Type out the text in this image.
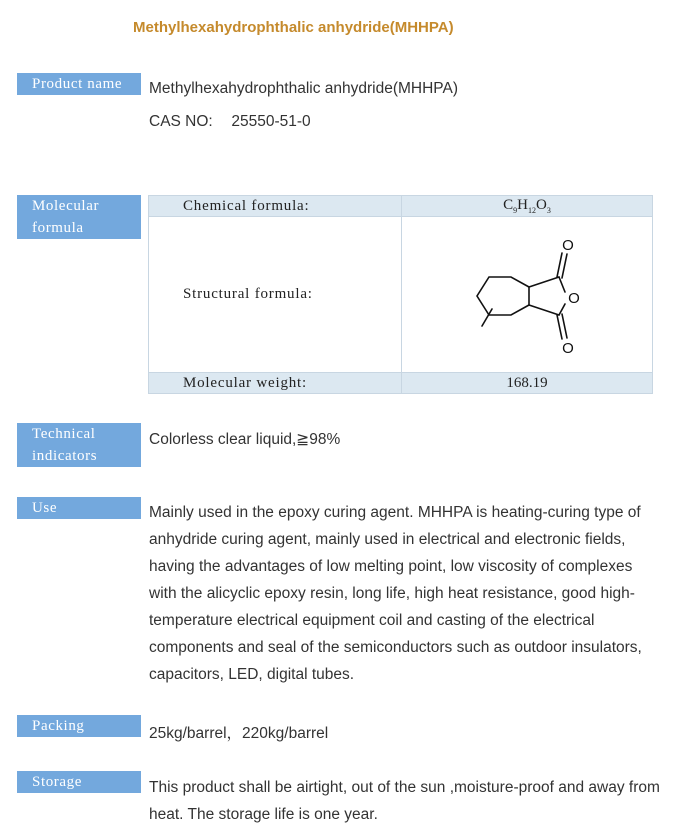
Methylhexahydrophthalic anhydride(MHHPA)
Product name	Methylhexahydrophthalic anhydride(MHHPA)
CAS NO: 25550-51-0
Molecular
formula
Chemical formula:	$C_9H_{12}O_3$
Structural formula:	O
O
O

Molecular weight:	168.19
Technical
indicators
Colorless clear liquid,≧98%
Use	Mainly used in the epoxy curing agent. MHHPA is heating-curing type of anhydride curing agent, mainly used in electrical and electronic fields, having the advantages of low melting point, low viscosity of complexes with the alicyclic epoxy resin, long life, high heat resistance, good high-temperature electrical equipment coil and casting of the electrical components and seal of the semiconductors such as outdoor insulators, capacitors, LED, digital tubes.
Packing	25kg/barrel，220kg/barrel
Storage	This product shall be airtight, out of the sun ,moisture-proof and away from heat. The storage life is one year.
